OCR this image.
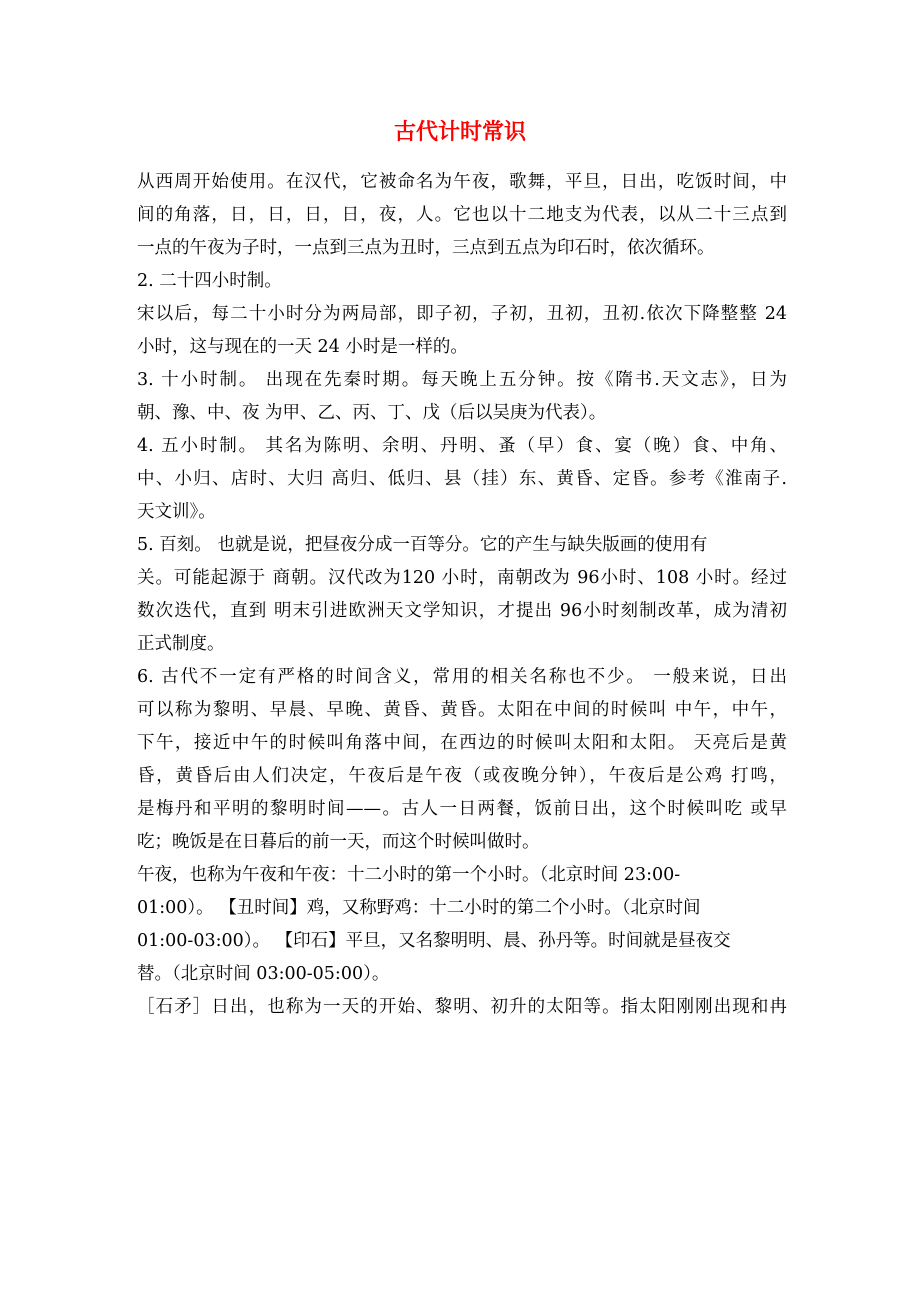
古代计时常识
从西周开始使用。在汉代，它被命名为午夜，歌舞，平旦，日出，吃饭时间，中
间的角落，日，日，日，日，夜，人。它也以十二地支为代表，以从二十三点到
一点的午夜为子时，一点到三点为丑时，三点到五点为印石时，依次循环。
2. 二十四小时制。
宋以后，每二十小时分为两局部，即子初，子初，丑初，丑初.依次下降整整 24
小时，这与现在的一天 24 小时是一样的。
3. 十小时制。 出现在先秦时期。每天晚上五分钟。按《隋书.天文志》，日为
朝、豫、中、夜 为甲、乙、丙、丁、戊（后以吴庚为代表）。
4. 五小时制。 其名为陈明、余明、丹明、蚤（早）食、宴（晚）食、中角、
中、小归、店时、大归 高归、低归、县（挂）东、黄昏、定昏。参考《淮南子.
天文训》。
5. 百刻。 也就是说，把昼夜分成一百等分。它的产生与缺失版画的使用有
关。可能起源于 商朝。汉代改为120 小时，南朝改为 96小时、108 小时。经过
数次迭代，直到 明末引进欧洲天文学知识，才提出 96小时刻制改革，成为清初
正式制度。
6. 古代不一定有严格的时间含义，常用的相关名称也不少。 一般来说，日出
可以称为黎明、早晨、早晚、黄昏、黄昏。太阳在中间的时候叫 中午，中午，
下午，接近中午的时候叫角落中间，在西边的时候叫太阳和太阳。 天亮后是黄
昏，黄昏后由人们决定，午夜后是午夜（或夜晚分钟），午夜后是公鸡 打鸣，
是梅丹和平明的黎明时间——。古人一日两餐，饭前日出，这个时候叫吃 或早
吃；晚饭是在日暮后的前一天，而这个时候叫做时。
午夜，也称为午夜和午夜：十二小时的第一个小时。（北京时间 23:00-
01:00）。 【丑时间】鸡，又称野鸡：十二小时的第二个小时。（北京时间
01:00-03:00）。 【印石】平旦，又名黎明明、晨、孙丹等。时间就是昼夜交
替。（北京时间 03:00-05:00）。
［石矛］日出，也称为一天的开始、黎明、初升的太阳等。指太阳刚刚出现和冉
